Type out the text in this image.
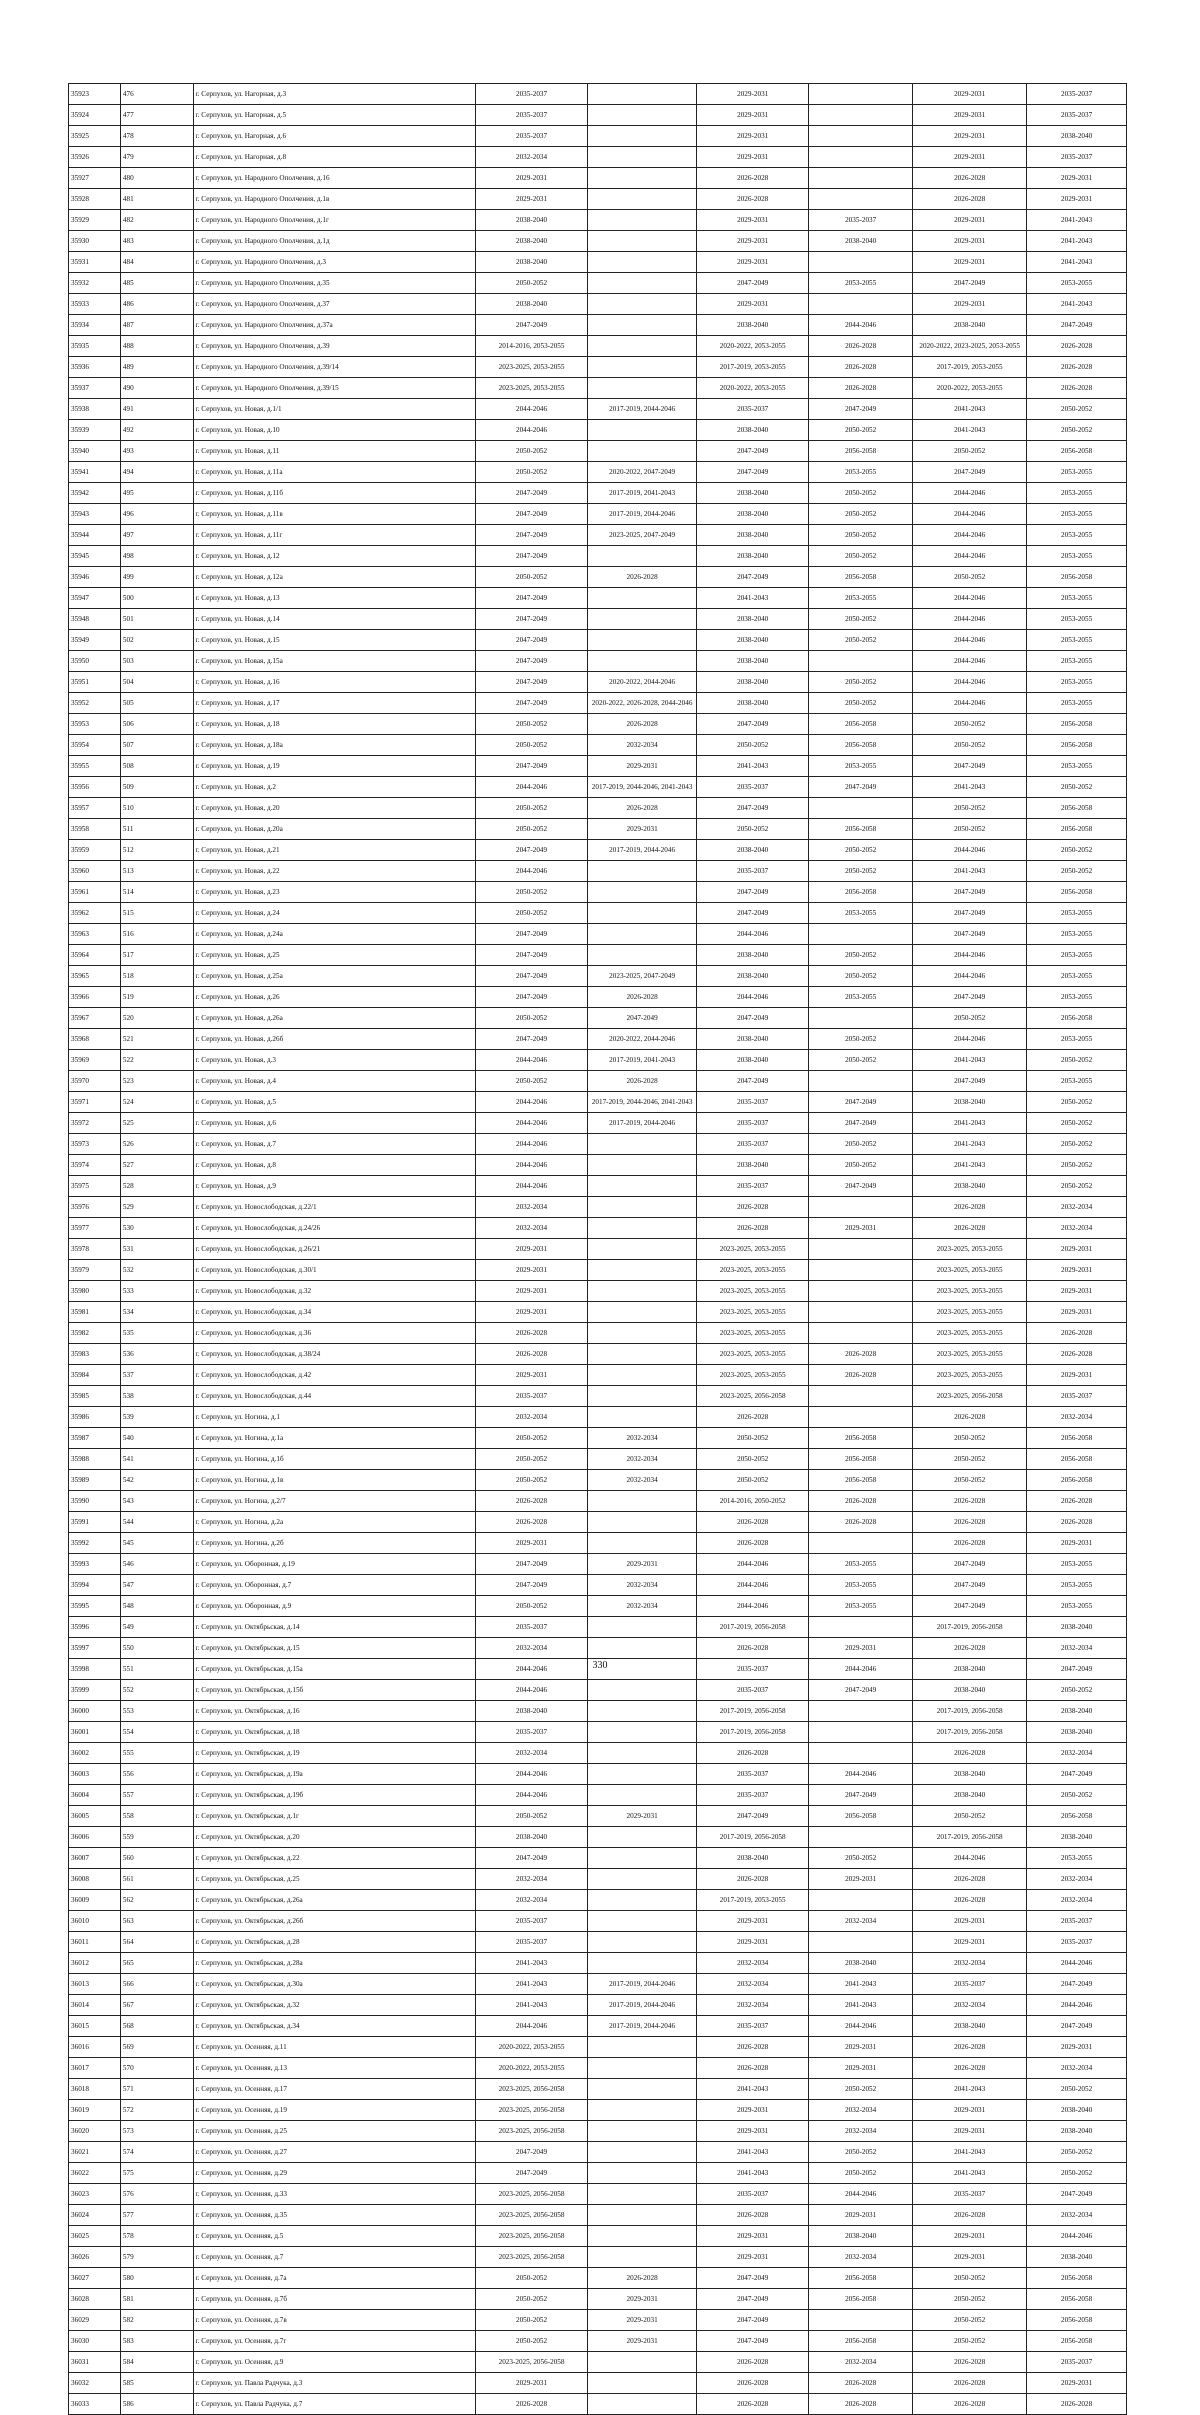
35923	476	г. Серпухов, ул. Нагорная, д.3	2035-2037		2029-2031		2029-2031	2035-2037
35924	477	г. Серпухов, ул. Нагорная, д.5	2035-2037		2029-2031		2029-2031	2035-2037
35925	478	г. Серпухов, ул. Нагорная, д.6	2035-2037		2029-2031		2029-2031	2038-2040
35926	479	г. Серпухов, ул. Нагорная, д.8	2032-2034		2029-2031		2029-2031	2035-2037
35927	480	г. Серпухов, ул. Народного Ополчения, д.16	2029-2031		2026-2028		2026-2028	2029-2031
35928	481	г. Серпухов, ул. Народного Ополчения, д.1в	2029-2031		2026-2028		2026-2028	2029-2031
35929	482	г. Серпухов, ул. Народного Ополчения, д.1г	2038-2040		2029-2031	2035-2037	2029-2031	2041-2043
35930	483	г. Серпухов, ул. Народного Ополчения, д.1д	2038-2040		2029-2031	2038-2040	2029-2031	2041-2043
35931	484	г. Серпухов, ул. Народного Ополчения, д.3	2038-2040		2029-2031		2029-2031	2041-2043
35932	485	г. Серпухов, ул. Народного Ополчения, д.35	2050-2052		2047-2049	2053-2055	2047-2049	2053-2055
35933	486	г. Серпухов, ул. Народного Ополчения, д.37	2038-2040		2029-2031		2029-2031	2041-2043
35934	487	г. Серпухов, ул. Народного Ополчения, д.37а	2047-2049		2038-2040	2044-2046	2038-2040	2047-2049
35935	488	г. Серпухов, ул. Народного Ополчения, д.39	2014-2016, 2053-2055		2020-2022, 2053-2055	2026-2028	2020-2022, 2023-2025, 2053-2055	2026-2028
35936	489	г. Серпухов, ул. Народного Ополчения, д.39/14	2023-2025, 2053-2055		2017-2019, 2053-2055	2026-2028	2017-2019, 2053-2055	2026-2028
35937	490	г. Серпухов, ул. Народного Ополчения, д.39/15	2023-2025, 2053-2055		2020-2022, 2053-2055	2026-2028	2020-2022, 2053-2055	2026-2028
35938	491	г. Серпухов, ул. Новая, д.1/1	2044-2046	2017-2019, 2044-2046	2035-2037	2047-2049	2041-2043	2050-2052
35939	492	г. Серпухов, ул. Новая, д.10	2044-2046		2038-2040	2050-2052	2041-2043	2050-2052
35940	493	г. Серпухов, ул. Новая, д.11	2050-2052		2047-2049	2056-2058	2050-2052	2056-2058
35941	494	г. Серпухов, ул. Новая, д.11а	2050-2052	2020-2022, 2047-2049	2047-2049	2053-2055	2047-2049	2053-2055
35942	495	г. Серпухов, ул. Новая, д.11б	2047-2049	2017-2019, 2041-2043	2038-2040	2050-2052	2044-2046	2053-2055
35943	496	г. Серпухов, ул. Новая, д.11в	2047-2049	2017-2019, 2044-2046	2038-2040	2050-2052	2044-2046	2053-2055
35944	497	г. Серпухов, ул. Новая, д.11г	2047-2049	2023-2025, 2047-2049	2038-2040	2050-2052	2044-2046	2053-2055
35945	498	г. Серпухов, ул. Новая, д.12	2047-2049		2038-2040	2050-2052	2044-2046	2053-2055
35946	499	г. Серпухов, ул. Новая, д.12а	2050-2052	2026-2028	2047-2049	2056-2058	2050-2052	2056-2058
35947	500	г. Серпухов, ул. Новая, д.13	2047-2049		2041-2043	2053-2055	2044-2046	2053-2055
35948	501	г. Серпухов, ул. Новая, д.14	2047-2049		2038-2040	2050-2052	2044-2046	2053-2055
35949	502	г. Серпухов, ул. Новая, д.15	2047-2049		2038-2040	2050-2052	2044-2046	2053-2055
35950	503	г. Серпухов, ул. Новая, д.15а	2047-2049		2038-2040		2044-2046	2053-2055
35951	504	г. Серпухов, ул. Новая, д.16	2047-2049	2020-2022, 2044-2046	2038-2040	2050-2052	2044-2046	2053-2055
35952	505	г. Серпухов, ул. Новая, д.17	2047-2049	2020-2022, 2026-2028, 2044-2046	2038-2040	2050-2052	2044-2046	2053-2055
35953	506	г. Серпухов, ул. Новая, д.18	2050-2052	2026-2028	2047-2049	2056-2058	2050-2052	2056-2058
35954	507	г. Серпухов, ул. Новая, д.18а	2050-2052	2032-2034	2050-2052	2056-2058	2050-2052	2056-2058
35955	508	г. Серпухов, ул. Новая, д.19	2047-2049	2029-2031	2041-2043	2053-2055	2047-2049	2053-2055
35956	509	г. Серпухов, ул. Новая, д.2	2044-2046	2017-2019, 2044-2046, 2041-2043	2035-2037	2047-2049	2041-2043	2050-2052
35957	510	г. Серпухов, ул. Новая, д.20	2050-2052	2026-2028	2047-2049		2050-2052	2056-2058
35958	511	г. Серпухов, ул. Новая, д.20а	2050-2052	2029-2031	2050-2052	2056-2058	2050-2052	2056-2058
35959	512	г. Серпухов, ул. Новая, д.21	2047-2049	2017-2019, 2044-2046	2038-2040	2050-2052	2044-2046	2050-2052
35960	513	г. Серпухов, ул. Новая, д.22	2044-2046		2035-2037	2050-2052	2041-2043	2050-2052
35961	514	г. Серпухов, ул. Новая, д.23	2050-2052		2047-2049	2056-2058	2047-2049	2056-2058
35962	515	г. Серпухов, ул. Новая, д.24	2050-2052		2047-2049	2053-2055	2047-2049	2053-2055
35963	516	г. Серпухов, ул. Новая, д.24а	2047-2049		2044-2046		2047-2049	2053-2055
35964	517	г. Серпухов, ул. Новая, д.25	2047-2049		2038-2040	2050-2052	2044-2046	2053-2055
35965	518	г. Серпухов, ул. Новая, д.25а	2047-2049	2023-2025, 2047-2049	2038-2040	2050-2052	2044-2046	2053-2055
35966	519	г. Серпухов, ул. Новая, д.26	2047-2049	2026-2028	2044-2046	2053-2055	2047-2049	2053-2055
35967	520	г. Серпухов, ул. Новая, д.26а	2050-2052	2047-2049	2047-2049		2050-2052	2056-2058
35968	521	г. Серпухов, ул. Новая, д.26б	2047-2049	2020-2022, 2044-2046	2038-2040	2050-2052	2044-2046	2053-2055
35969	522	г. Серпухов, ул. Новая, д.3	2044-2046	2017-2019, 2041-2043	2038-2040	2050-2052	2041-2043	2050-2052
35970	523	г. Серпухов, ул. Новая, д.4	2050-2052	2026-2028	2047-2049		2047-2049	2053-2055
35971	524	г. Серпухов, ул. Новая, д.5	2044-2046	2017-2019, 2044-2046, 2041-2043	2035-2037	2047-2049	2038-2040	2050-2052
35972	525	г. Серпухов, ул. Новая, д.6	2044-2046	2017-2019, 2044-2046	2035-2037	2047-2049	2041-2043	2050-2052
35973	526	г. Серпухов, ул. Новая, д.7	2044-2046		2035-2037	2050-2052	2041-2043	2050-2052
35974	527	г. Серпухов, ул. Новая, д.8	2044-2046		2038-2040	2050-2052	2041-2043	2050-2052
35975	528	г. Серпухов, ул. Новая, д.9	2044-2046		2035-2037	2047-2049	2038-2040	2050-2052
35976	529	г. Серпухов, ул. Новослободская, д.22/1	2032-2034		2026-2028		2026-2028	2032-2034
35977	530	г. Серпухов, ул. Новослободская, д.24/26	2032-2034		2026-2028	2029-2031	2026-2028	2032-2034
35978	531	г. Серпухов, ул. Новослободская, д.26/21	2029-2031		2023-2025, 2053-2055		2023-2025, 2053-2055	2029-2031
35979	532	г. Серпухов, ул. Новослободская, д.30/1	2029-2031		2023-2025, 2053-2055		2023-2025, 2053-2055	2029-2031
35980	533	г. Серпухов, ул. Новослободская, д.32	2029-2031		2023-2025, 2053-2055		2023-2025, 2053-2055	2029-2031
35981	534	г. Серпухов, ул. Новослободская, д.34	2029-2031		2023-2025, 2053-2055		2023-2025, 2053-2055	2029-2031
35982	535	г. Серпухов, ул. Новослободская, д.36	2026-2028		2023-2025, 2053-2055		2023-2025, 2053-2055	2026-2028
35983	536	г. Серпухов, ул. Новослободская, д.38/24	2026-2028		2023-2025, 2053-2055	2026-2028	2023-2025, 2053-2055	2026-2028
35984	537	г. Серпухов, ул. Новослободская, д.42	2029-2031		2023-2025, 2053-2055	2026-2028	2023-2025, 2053-2055	2029-2031
35985	538	г. Серпухов, ул. Новослободская, д.44	2035-2037		2023-2025, 2056-2058		2023-2025, 2056-2058	2035-2037
35986	539	г. Серпухов, ул. Ногина, д.1	2032-2034		2026-2028		2026-2028	2032-2034
35987	540	г. Серпухов, ул. Ногина, д.1а	2050-2052	2032-2034	2050-2052	2056-2058	2050-2052	2056-2058
35988	541	г. Серпухов, ул. Ногина, д.1б	2050-2052	2032-2034	2050-2052	2056-2058	2050-2052	2056-2058
35989	542	г. Серпухов, ул. Ногина, д.1в	2050-2052	2032-2034	2050-2052	2056-2058	2050-2052	2056-2058
35990	543	г. Серпухов, ул. Ногина, д.2/7	2026-2028		2014-2016, 2050-2052	2026-2028	2026-2028	2026-2028
35991	544	г. Серпухов, ул. Ногина, д.2а	2026-2028		2026-2028	2026-2028	2026-2028	2026-2028
35992	545	г. Серпухов, ул. Ногина, д.2б	2029-2031		2026-2028		2026-2028	2029-2031
35993	546	г. Серпухов, ул. Оборонная, д.19	2047-2049	2029-2031	2044-2046	2053-2055	2047-2049	2053-2055
35994	547	г. Серпухов, ул. Оборонная, д.7	2047-2049	2032-2034	2044-2046	2053-2055	2047-2049	2053-2055
35995	548	г. Серпухов, ул. Оборонная, д.9	2050-2052	2032-2034	2044-2046	2053-2055	2047-2049	2053-2055
35996	549	г. Серпухов, ул. Октябрьская, д.14	2035-2037		2017-2019, 2056-2058		2017-2019, 2056-2058	2038-2040
35997	550	г. Серпухов, ул. Октябрьская, д.15	2032-2034		2026-2028	2029-2031	2026-2028	2032-2034
35998	551	г. Серпухов, ул. Октябрьская, д.15а	2044-2046		2035-2037	2044-2046	2038-2040	2047-2049
35999	552	г. Серпухов, ул. Октябрьская, д.15б	2044-2046		2035-2037	2047-2049	2038-2040	2050-2052
36000	553	г. Серпухов, ул. Октябрьская, д.16	2038-2040		2017-2019, 2056-2058		2017-2019, 2056-2058	2038-2040
36001	554	г. Серпухов, ул. Октябрьская, д.18	2035-2037		2017-2019, 2056-2058		2017-2019, 2056-2058	2038-2040
36002	555	г. Серпухов, ул. Октябрьская, д.19	2032-2034		2026-2028		2026-2028	2032-2034
36003	556	г. Серпухов, ул. Октябрьская, д.19а	2044-2046		2035-2037	2044-2046	2038-2040	2047-2049
36004	557	г. Серпухов, ул. Октябрьская, д.19б	2044-2046		2035-2037	2047-2049	2038-2040	2050-2052
36005	558	г. Серпухов, ул. Октябрьская, д.1г	2050-2052	2029-2031	2047-2049	2056-2058	2050-2052	2056-2058
36006	559	г. Серпухов, ул. Октябрьская, д.20	2038-2040		2017-2019, 2056-2058		2017-2019, 2056-2058	2038-2040
36007	560	г. Серпухов, ул. Октябрьская, д.22	2047-2049		2038-2040	2050-2052	2044-2046	2053-2055
36008	561	г. Серпухов, ул. Октябрьская, д.25	2032-2034		2026-2028	2029-2031	2026-2028	2032-2034
36009	562	г. Серпухов, ул. Октябрьская, д.26а	2032-2034		2017-2019, 2053-2055		2026-2028	2032-2034
36010	563	г. Серпухов, ул. Октябрьская, д.26б	2035-2037		2029-2031	2032-2034	2029-2031	2035-2037
36011	564	г. Серпухов, ул. Октябрьская, д.28	2035-2037		2029-2031		2029-2031	2035-2037
36012	565	г. Серпухов, ул. Октябрьская, д.28а	2041-2043		2032-2034	2038-2040	2032-2034	2044-2046
36013	566	г. Серпухов, ул. Октябрьская, д.30а	2041-2043	2017-2019, 2044-2046	2032-2034	2041-2043	2035-2037	2047-2049
36014	567	г. Серпухов, ул. Октябрьская, д.32	2041-2043	2017-2019, 2044-2046	2032-2034	2041-2043	2032-2034	2044-2046
36015	568	г. Серпухов, ул. Октябрьская, д.34	2044-2046	2017-2019, 2044-2046	2035-2037	2044-2046	2038-2040	2047-2049
36016	569	г. Серпухов, ул. Осенняя, д.11	2020-2022, 2053-2055		2026-2028	2029-2031	2026-2028	2029-2031
36017	570	г. Серпухов, ул. Осенняя, д.13	2020-2022, 2053-2055		2026-2028	2029-2031	2026-2028	2032-2034
36018	571	г. Серпухов, ул. Осенняя, д.17	2023-2025, 2056-2058		2041-2043	2050-2052	2041-2043	2050-2052
36019	572	г. Серпухов, ул. Осенняя, д.19	2023-2025, 2056-2058		2029-2031	2032-2034	2029-2031	2038-2040
36020	573	г. Серпухов, ул. Осенняя, д.25	2023-2025, 2056-2058		2029-2031	2032-2034	2029-2031	2038-2040
36021	574	г. Серпухов, ул. Осенняя, д.27	2047-2049		2041-2043	2050-2052	2041-2043	2050-2052
36022	575	г. Серпухов, ул. Осенняя, д.29	2047-2049		2041-2043	2050-2052	2041-2043	2050-2052
36023	576	г. Серпухов, ул. Осенняя, д.33	2023-2025, 2056-2058		2035-2037	2044-2046	2035-2037	2047-2049
36024	577	г. Серпухов, ул. Осенняя, д.35	2023-2025, 2056-2058		2026-2028	2029-2031	2026-2028	2032-2034
36025	578	г. Серпухов, ул. Осенняя, д.5	2023-2025, 2056-2058		2029-2031	2038-2040	2029-2031	2044-2046
36026	579	г. Серпухов, ул. Осенняя, д.7	2023-2025, 2056-2058		2029-2031	2032-2034	2029-2031	2038-2040
36027	580	г. Серпухов, ул. Осенняя, д.7а	2050-2052	2026-2028	2047-2049	2056-2058	2050-2052	2056-2058
36028	581	г. Серпухов, ул. Осенняя, д.7б	2050-2052	2029-2031	2047-2049	2056-2058	2050-2052	2056-2058
36029	582	г. Серпухов, ул. Осенняя, д.7в	2050-2052	2029-2031	2047-2049		2050-2052	2056-2058
36030	583	г. Серпухов, ул. Осенняя, д.7г	2050-2052	2029-2031	2047-2049	2056-2058	2050-2052	2056-2058
36031	584	г. Серпухов, ул. Осенняя, д.9	2023-2025, 2056-2058		2026-2028	2032-2034	2026-2028	2035-2037
36032	585	г. Серпухов, ул. Павла Радчука, д.3	2029-2031		2026-2028	2026-2028	2026-2028	2029-2031
36033	586	г. Серпухов, ул. Павла Радчука, д.7	2026-2028		2026-2028	2026-2028	2026-2028	2026-2028
330
